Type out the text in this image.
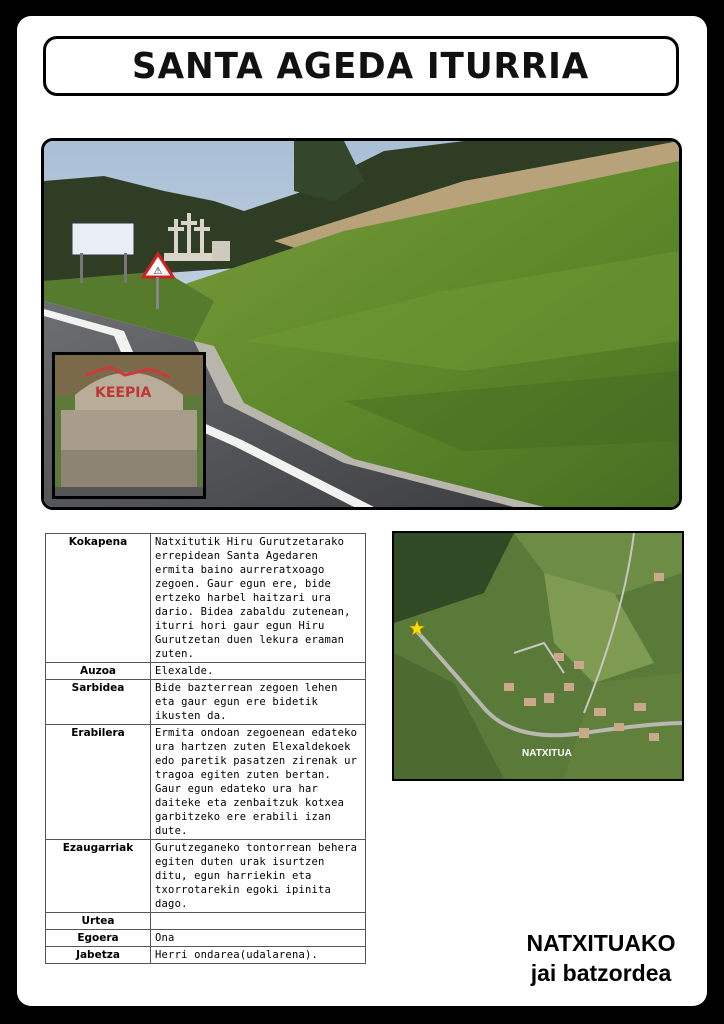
SANTA AGEDA ITURRIA
⚠
KEEPIA
Kokapena	Natxitutik Hiru Gurutzetarako errepidean Santa Agedaren ermita baino aurreratxoago zegoen. Gaur egun ere, bide ertzeko harbel haitzari ura dario. Bidea zabaldu zutenean, iturri hori gaur egun Hiru Gurutzetan duen lekura eraman zuten.
Auzoa	Elexalde.
Sarbidea	Bide bazterrean zegoen lehen eta gaur egun ere bidetik ikusten da.
Erabilera	Ermita ondoan zegoenean edateko ura hartzen zuten Elexaldekoek edo paretik pasatzen zirenak ur tragoa egiten zuten bertan. Gaur egun edateko ura har daiteke eta zenbaitzuk kotxea garbitzeko ere erabili izan dute.
Ezaugarriak	Gurutzeganeko tontorrean behera egiten duten urak isurtzen ditu, egun harriekin eta txorrotarekin egoki ipinita dago.
Urtea	
Egoera	Ona
Jabetza	Herri ondarea(udalarena).
★
NATXITUA
NATXITUAKO
jai batzordea
